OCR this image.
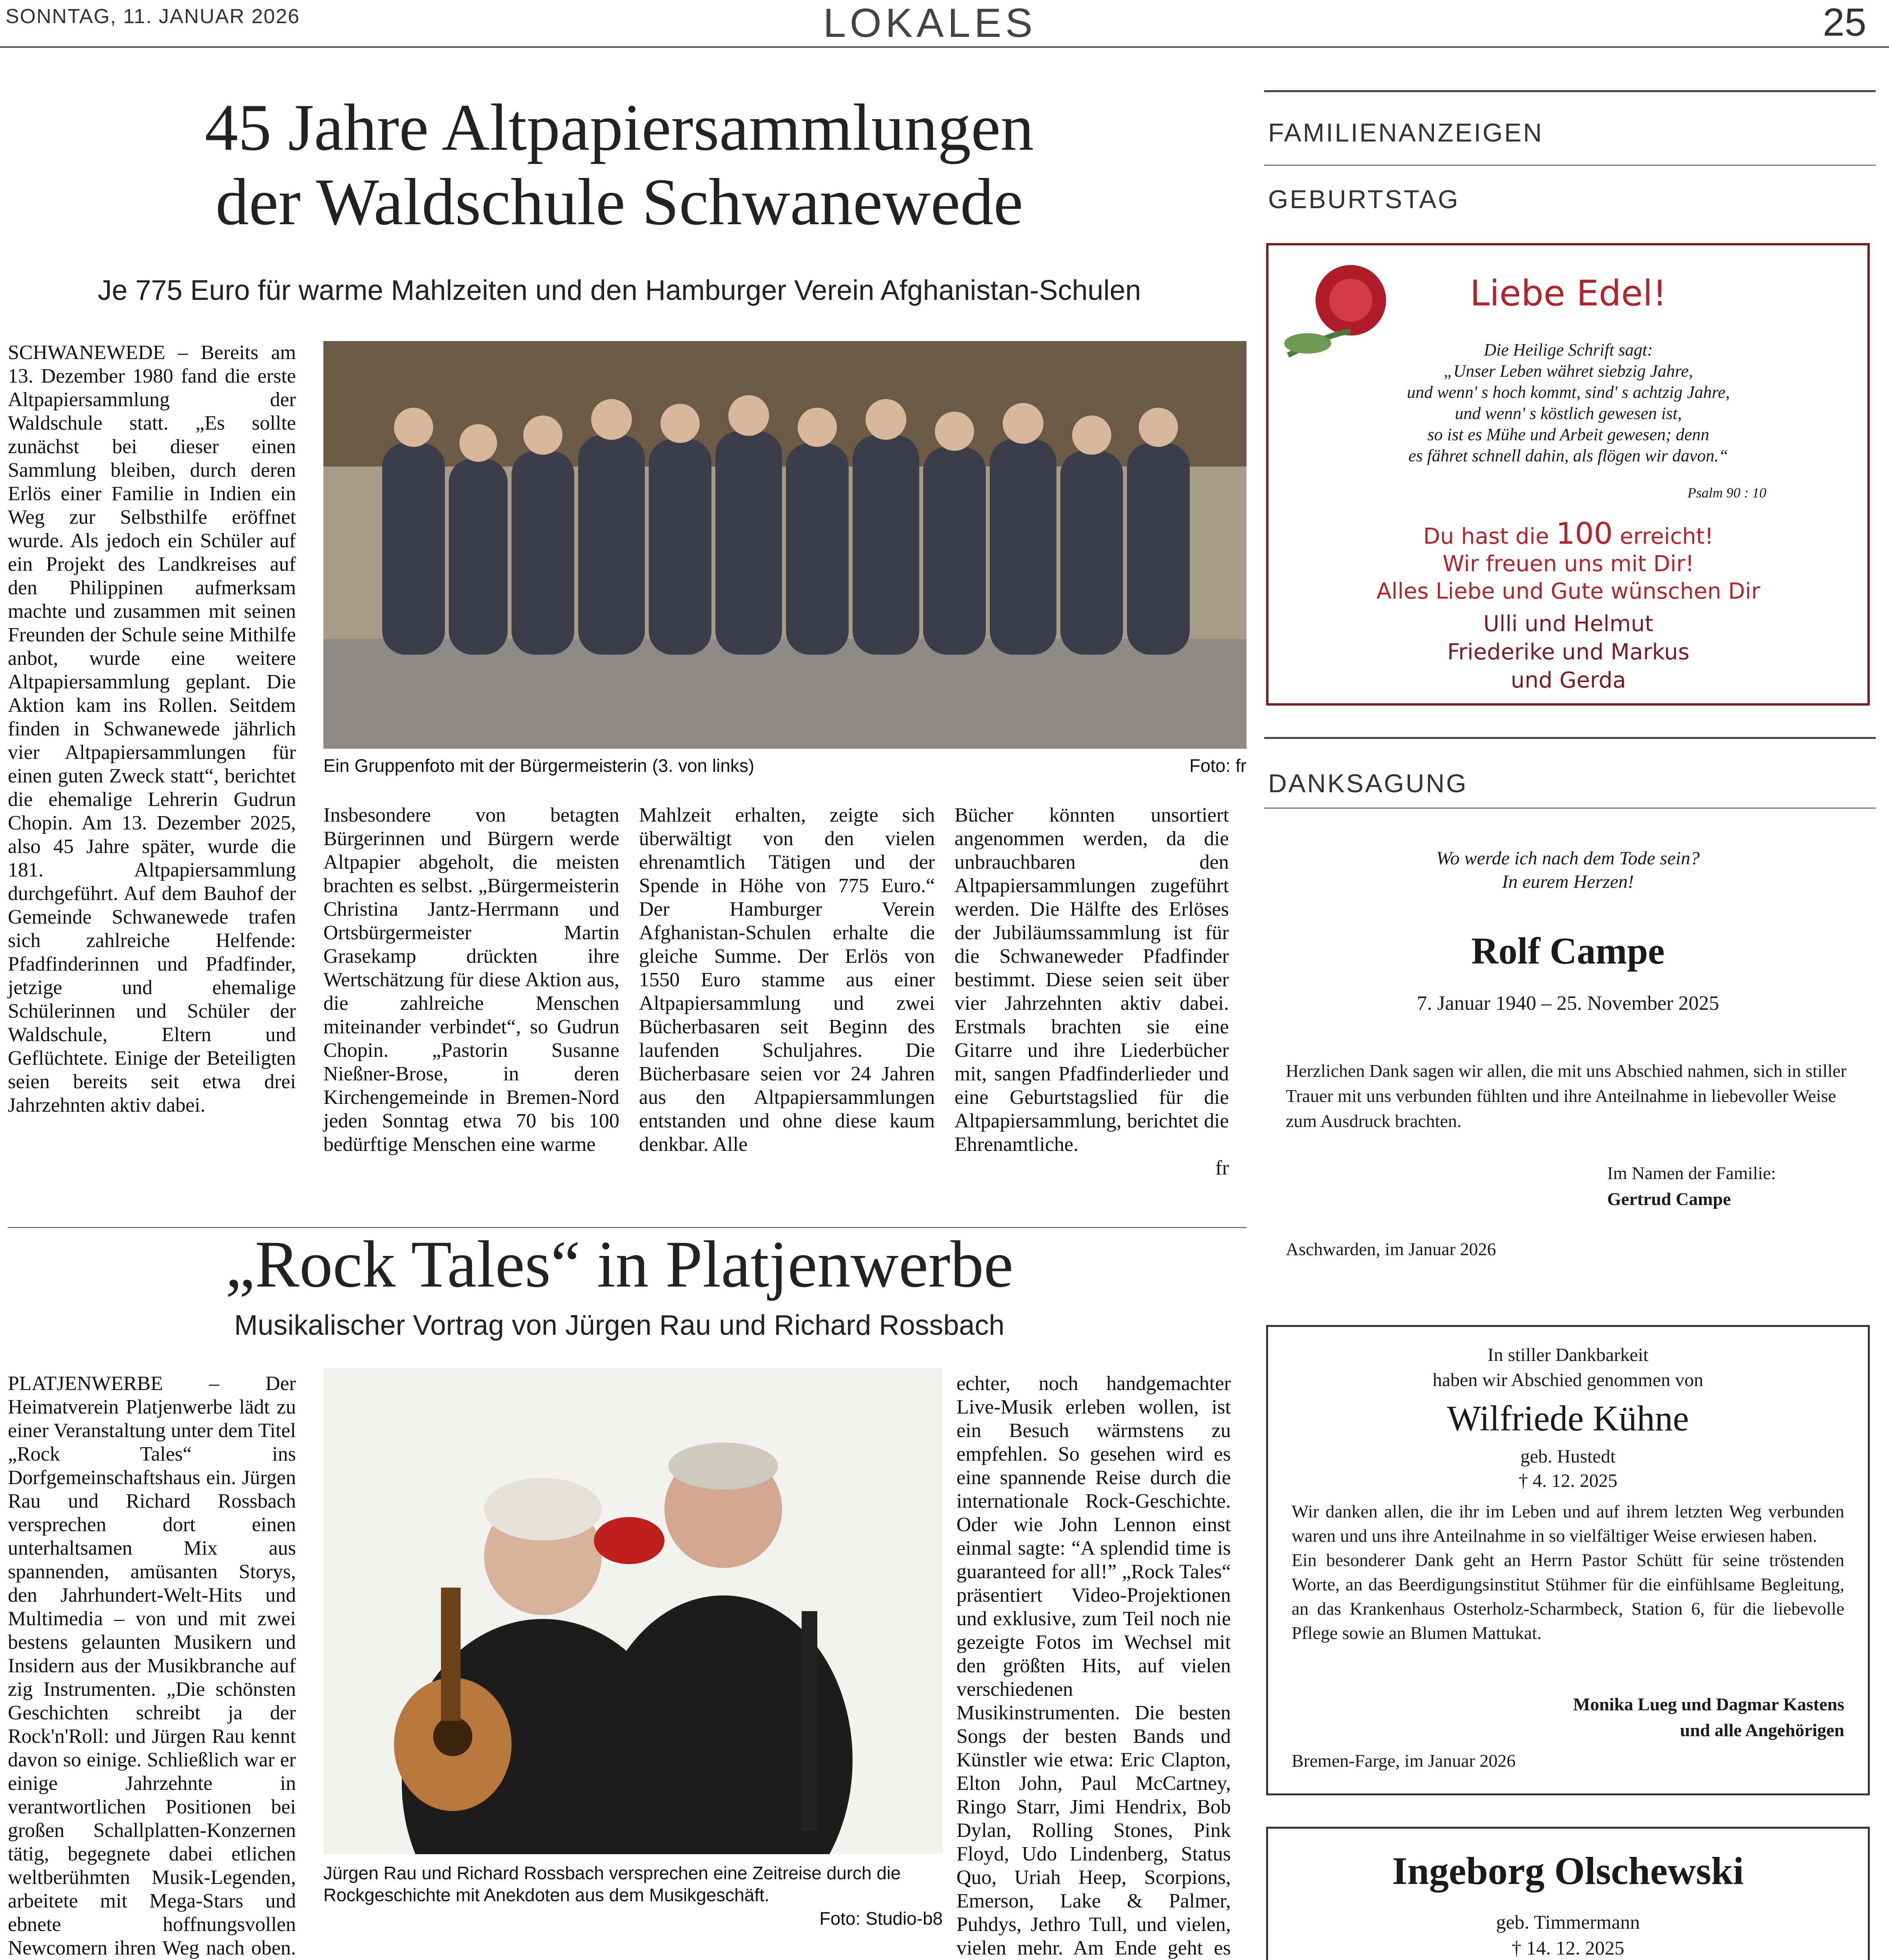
SONNTAG, 11. JANUAR 2026	LOKALES	25
45 Jahre Altpapiersammlungen
der Waldschule Schwanewede
Je 775 Euro für warme Mahlzeiten und den Hamburger Verein Afghanistan-Schulen

SCHWANEWEDE – Bereits am 13. Dezember 1980 fand die erste Altpapiersammlung der Waldschule statt. „Es sollte zunächst bei dieser einen Sammlung bleiben, durch deren Erlös einer Familie in Indien ein Weg zur Selbsthilfe eröffnet wurde. Als jedoch ein Schüler auf ein Projekt des Landkreises auf den Philippinen aufmerksam machte und zusammen mit seinen Freunden der Schule seine Mithilfe anbot, wurde eine weitere Altpapiersammlung geplant. Die Aktion kam ins Rollen. Seitdem finden in Schwanewede jährlich vier Altpapiersammlungen für einen guten Zweck statt“, berichtet die ehemalige Lehrerin Gudrun Chopin. Am 13. Dezember 2025, also 45 Jahre später, wurde die 181. Altpapiersammlung durchgeführt. Auf dem Bauhof der Gemeinde Schwanewede trafen sich zahlreiche Helfende: Pfadfinderinnen und Pfadfinder, jetzige und ehemalige Schülerinnen und Schüler der Waldschule, Eltern und Geflüchtete. Einige der Beteiligten seien bereits seit etwa drei Jahrzehnten aktiv dabei.

Ein Gruppenfoto mit der Bürgermeisterin (3. von links)	Foto: fr

Insbesondere von betagten Bürgerinnen und Bürgern werde Altpapier abgeholt, die meisten brachten es selbst. „Bürgermeisterin Christina Jantz-Herrmann und Ortsbürgermeister Martin Grasekamp drückten ihre Wertschätzung für diese Aktion aus, die zahlreiche Menschen miteinander verbindet“, so Gudrun Chopin. „Pastorin Susanne Nießner-Brose, in deren Kirchengemeinde in Bremen-Nord jeden Sonntag etwa 70 bis 100 bedürftige Menschen eine warme

Mahlzeit erhalten, zeigte sich überwältigt von den vielen ehrenamtlich Tätigen und der Spende in Höhe von 775 Euro.“ Der Hamburger Verein Afghanistan-Schulen erhalte die gleiche Summe. Der Erlös von 1550 Euro stamme aus einer Altpapiersammlung und zwei Bücherbasaren seit Beginn des laufenden Schuljahres. Die Bücherbasare seien vor 24 Jahren aus den Altpapiersammlungen entstanden und ohne diese kaum denkbar. Alle

Bücher könnten unsortiert angenommen werden, da die unbrauchbaren den Altpapiersammlungen zugeführt werden. Die Hälfte des Erlöses der Jubiläumssammlung ist für die Schwaneweder Pfadfinder bestimmt. Diese seien seit über vier Jahrzehnten aktiv dabei. Erstmals brachten sie eine Gitarre und ihre Liederbücher mit, sangen Pfadfinderlieder und eine Geburtstagslied für die Altpapiersammlung, berichtet die Ehrenamtliche.

fr

„Rock Tales“ in Platjenwerbe
Musikalischer Vortrag von Jürgen Rau und Richard Rossbach

PLATJENWERBE – Der Heimatverein Platjenwerbe lädt zu einer Veranstaltung unter dem Titel „Rock Tales“ ins Dorfgemeinschaftshaus ein. Jürgen Rau und Richard Rossbach versprechen dort einen unterhaltsamen Mix aus spannenden, amüsanten Storys, den Jahrhundert-Welt-Hits und Multimedia – von und mit zwei bestens gelaunten Musikern und Insidern aus der Musikbranche auf zig Instrumenten. „Die schönsten Geschichten schreibt ja der Rock'n'Roll: und Jürgen Rau kennt davon so einige. Schließlich war er einige Jahrzehnte in verantwortlichen Positionen bei großen Schallplatten-Konzernen tätig, begegnete dabei etlichen weltberühmten Musik-Legenden, arbeitete mit Mega-Stars und ebnete hoffnungsvollen Newcomern ihren Weg nach oben.

Jürgen Rau und Richard Rossbach versprechen eine Zeitreise durch die Rockgeschichte mit Anekdoten aus dem Musikgeschäft.
Foto: Studio-b8

echter, noch handgemachter Live-Musik erleben wollen, ist ein Besuch wärmstens zu empfehlen. So gesehen wird es eine spannende Reise durch die internationale Rock-Geschichte. Oder wie John Lennon einst einmal sagte: “A splendid time is guaranteed for all!” „Rock Tales“ präsentiert Video-Projektionen und exklusive, zum Teil noch nie gezeigte Fotos im Wechsel mit den größten Hits, auf vielen verschiedenen Musikinstrumenten. Die besten Songs der besten Bands und Künstler wie etwa: Eric Clapton, Elton John, Paul McCartney, Ringo Starr, Jimi Hendrix, Bob Dylan, Rolling Stones, Pink Floyd, Udo Lindenberg, Status Quo, Uriah Heep, Scorpions, Emerson, Lake & Palmer, Puhdys, Jethro Tull, und vielen, vielen mehr. Am Ende geht es

FAMILIENANZEIGEN
GEBURTSTAG
Liebe Edel!
Die Heilige Schrift sagt:
„Unser Leben währet siebzig Jahre,
und wenn' s hoch kommt, sind' s achtzig Jahre,
und wenn' s köstlich gewesen ist,
so ist es Mühe und Arbeit gewesen; denn
es fähret schnell dahin, als flögen wir davon.“
Psalm 90 : 10
Du hast die 100 erreicht!
Wir freuen uns mit Dir!
Alles Liebe und Gute wünschen Dir
Ulli und Helmut
Friederike und Markus
und Gerda
DANKSAGUNG
Wo werde ich nach dem Tode sein?
In eurem Herzen!
Rolf Campe
7. Januar 1940 – 25. November 2025
Herzlichen Dank sagen wir allen, die mit uns Abschied nahmen, sich in stiller Trauer mit uns verbunden fühlten und ihre Anteilnahme in liebevoller Weise zum Ausdruck brachten.
Im Namen der Familie:
Gertrud Campe
Aschwarden, im Januar 2026
In stiller Dankbarkeit
haben wir Abschied genommen von
Wilfriede Kühne
geb. Hustedt
† 4. 12. 2025
Wir danken allen, die ihr im Leben und auf ihrem letzten Weg verbunden waren und uns ihre Anteilnahme in so vielfältiger Weise erwiesen haben.
Ein besonderer Dank geht an Herrn Pastor Schütt für seine tröstenden Worte, an das Beerdigungsinstitut Stühmer für die einfühlsame Begleitung, an das Krankenhaus Osterholz-Scharmbeck, Station 6, für die liebevolle Pflege sowie an Blumen Mattukat.
Monika Lueg und Dagmar Kastens
und alle Angehörigen
Bremen-Farge, im Januar 2026
Ingeborg Olschewski
geb. Timmermann
† 14. 12. 2025
